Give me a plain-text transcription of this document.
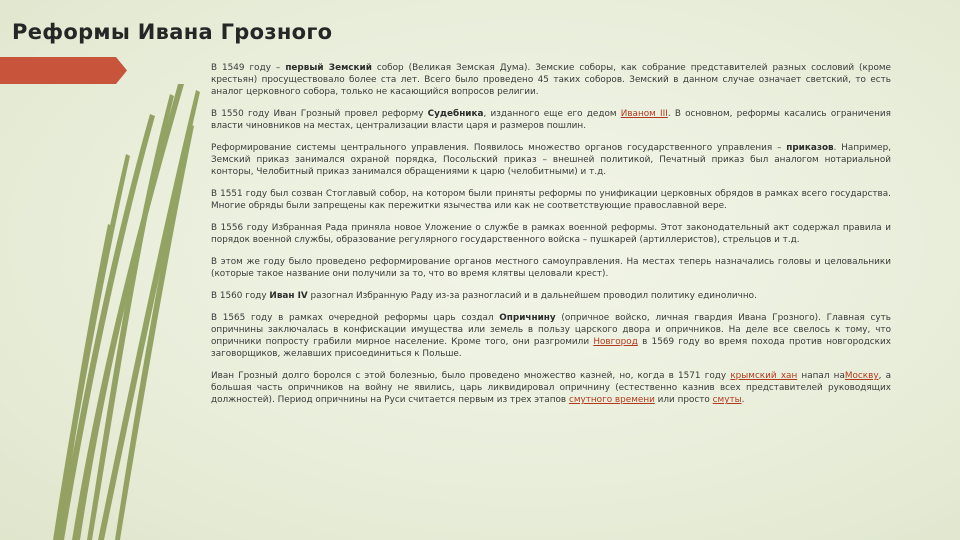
Реформы Ивана Грозного

В 1549 году – первый Земский собор (Великая Земская Дума). Земские соборы, как собрание представителей разных сословий (кроме крестьян) просуществовало более ста лет. Всего было проведено 45 таких соборов. Земский в данном случае означает светский, то есть аналог церковного собора, только не касающийся вопросов религии.

В 1550 году Иван Грозный провел реформу Судебника, изданного еще его дедом Иваном III. В основном, реформы касались ограничения власти чиновников на местах, централизации власти царя и размеров пошлин.

Реформирование системы центрального управления. Появилось множество органов государственного управления – приказов. Например, Земский приказ занимался охраной порядка, Посольский приказ – внешней политикой, Печатный приказ был аналогом нотариальной конторы, Челобитный приказ занимался обращениями к царю (челобитными) и т.д.

В 1551 году был созван Стоглавый собор, на котором были приняты реформы по унификации церковных обрядов в рамках всего государства. Многие обряды были запрещены как пережитки язычества или как не соответствующие православной вере.

В 1556 году Избранная Рада приняла новое Уложение о службе в рамках военной реформы. Этот законодательный акт содержал правила и порядок военной службы, образование регулярного государственного войска – пушкарей (артиллеристов), стрельцов и т.д.

В этом же году было проведено реформирование органов местного самоуправления. На местах теперь назначались головы и целовальники (которые такое название они получили за то, что во время клятвы целовали крест).

В 1560 году Иван IV разогнал Избранную Раду из-за разногласий и в дальнейшем проводил политику единолично.

В 1565 году в рамках очередной реформы царь создал Опричнину (опричное войско, личная гвардия Ивана Грозного). Главная суть опричнины заключалась в конфискации имущества или земель в пользу царского двора и опричников. На деле все свелось к тому, что опричники попросту грабили мирное население. Кроме того, они разгромили Новгород в 1569 году во время похода против новгородских заговорщиков, желавших присоединиться к Польше.

Иван Грозный долго боролся с этой болезнью, было проведено множество казней, но, когда в 1571 году крымский хан напал наМоскву, а большая часть опричников на войну не явились, царь ликвидировал опричнину (естественно казнив всех представителей руководящих должностей). Период опричнины на Руси считается первым из трех этапов смутного времени или просто смуты.
